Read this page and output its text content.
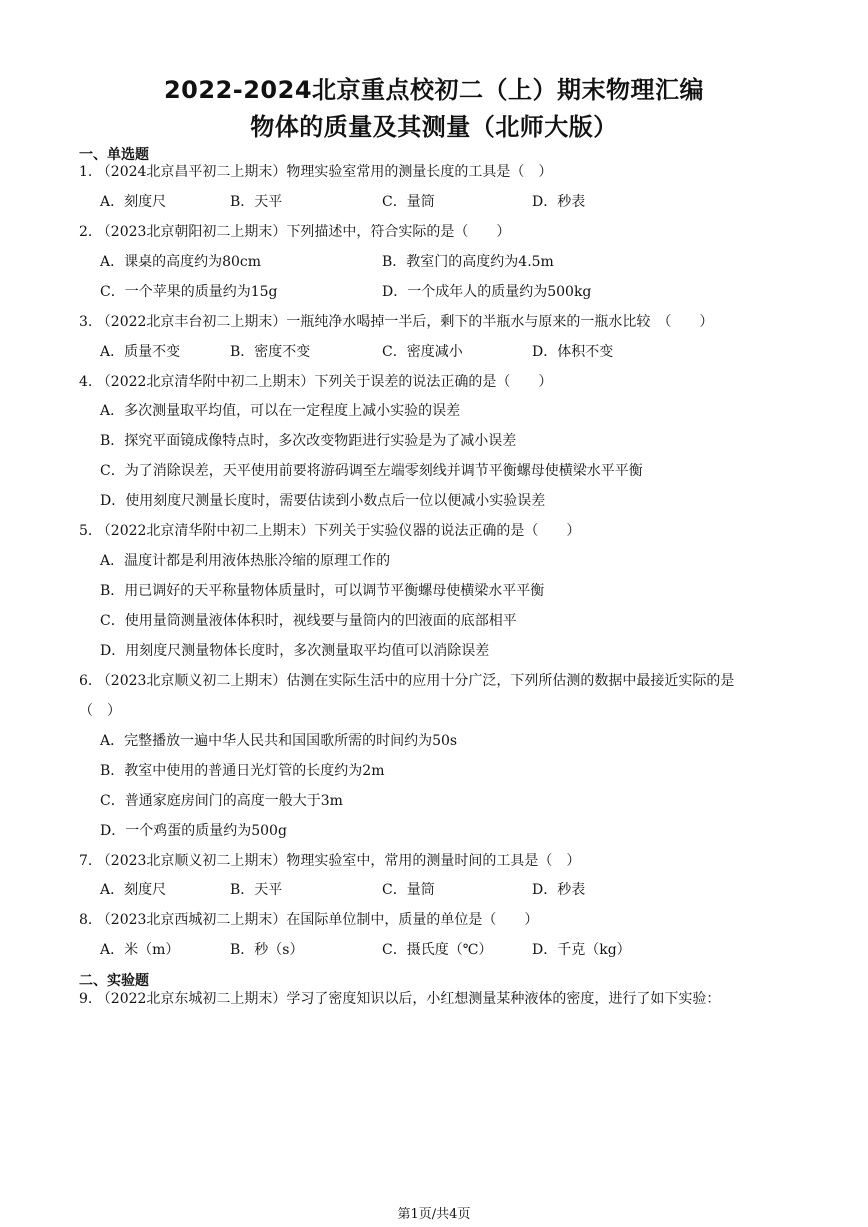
2022-2024北京重点校初二（上）期末物理汇编
物体的质量及其测量（北师大版）
一、单选题
1. （2024北京昌平初二上期末）物理实验室常用的测量长度的工具是（　）
A．刻度尺	B．天平	C．量筒	D．秒表
2. （2023北京朝阳初二上期末）下列描述中，符合实际的是（　　）
A．课桌的高度约为80cm	B．教室门的高度约为4.5m
C．一个苹果的质量约为15g	D．一个成年人的质量约为500kg
3. （2022北京丰台初二上期末）一瓶纯净水喝掉一半后，剩下的半瓶水与原来的一瓶水比较　（　　）
A．质量不变	B．密度不变	C．密度减小	D．体积不变
4. （2022北京清华附中初二上期末）下列关于误差的说法正确的是（　　）
A．多次测量取平均值，可以在一定程度上减小实验的误差
B．探究平面镜成像特点时，多次改变物距进行实验是为了减小误差
C．为了消除误差，天平使用前要将游码调至左端零刻线并调节平衡螺母使横梁水平平衡
D．使用刻度尺测量长度时，需要估读到小数点后一位以便减小实验误差
5. （2022北京清华附中初二上期末）下列关于实验仪器的说法正确的是（　　）
A．温度计都是利用液体热胀冷缩的原理工作的
B．用已调好的天平称量物体质量时，可以调节平衡螺母使横梁水平平衡
C．使用量筒测量液体体积时，视线要与量筒内的凹液面的底部相平
D．用刻度尺测量物体长度时，多次测量取平均值可以消除误差
6. （2023北京顺义初二上期末）估测在实际生活中的应用十分广泛，下列所估测的数据中最接近实际的是
（　）
A．完整播放一遍中华人民共和国国歌所需的时间约为50s
B．教室中使用的普通日光灯管的长度约为2m
C．普通家庭房间门的高度一般大于3m
D．一个鸡蛋的质量约为500g
7. （2023北京顺义初二上期末）物理实验室中，常用的测量时间的工具是（　）
A．刻度尺	B．天平	C．量筒	D．秒表
8. （2023北京西城初二上期末）在国际单位制中，质量的单位是（　　）
A．米（m）	B．秒（s）	C．摄氏度（℃）	D．千克（kg）
二、实验题
9. （2022北京东城初二上期末）学习了密度知识以后，小红想测量某种液体的密度，进行了如下实验：
第1页/共4页
